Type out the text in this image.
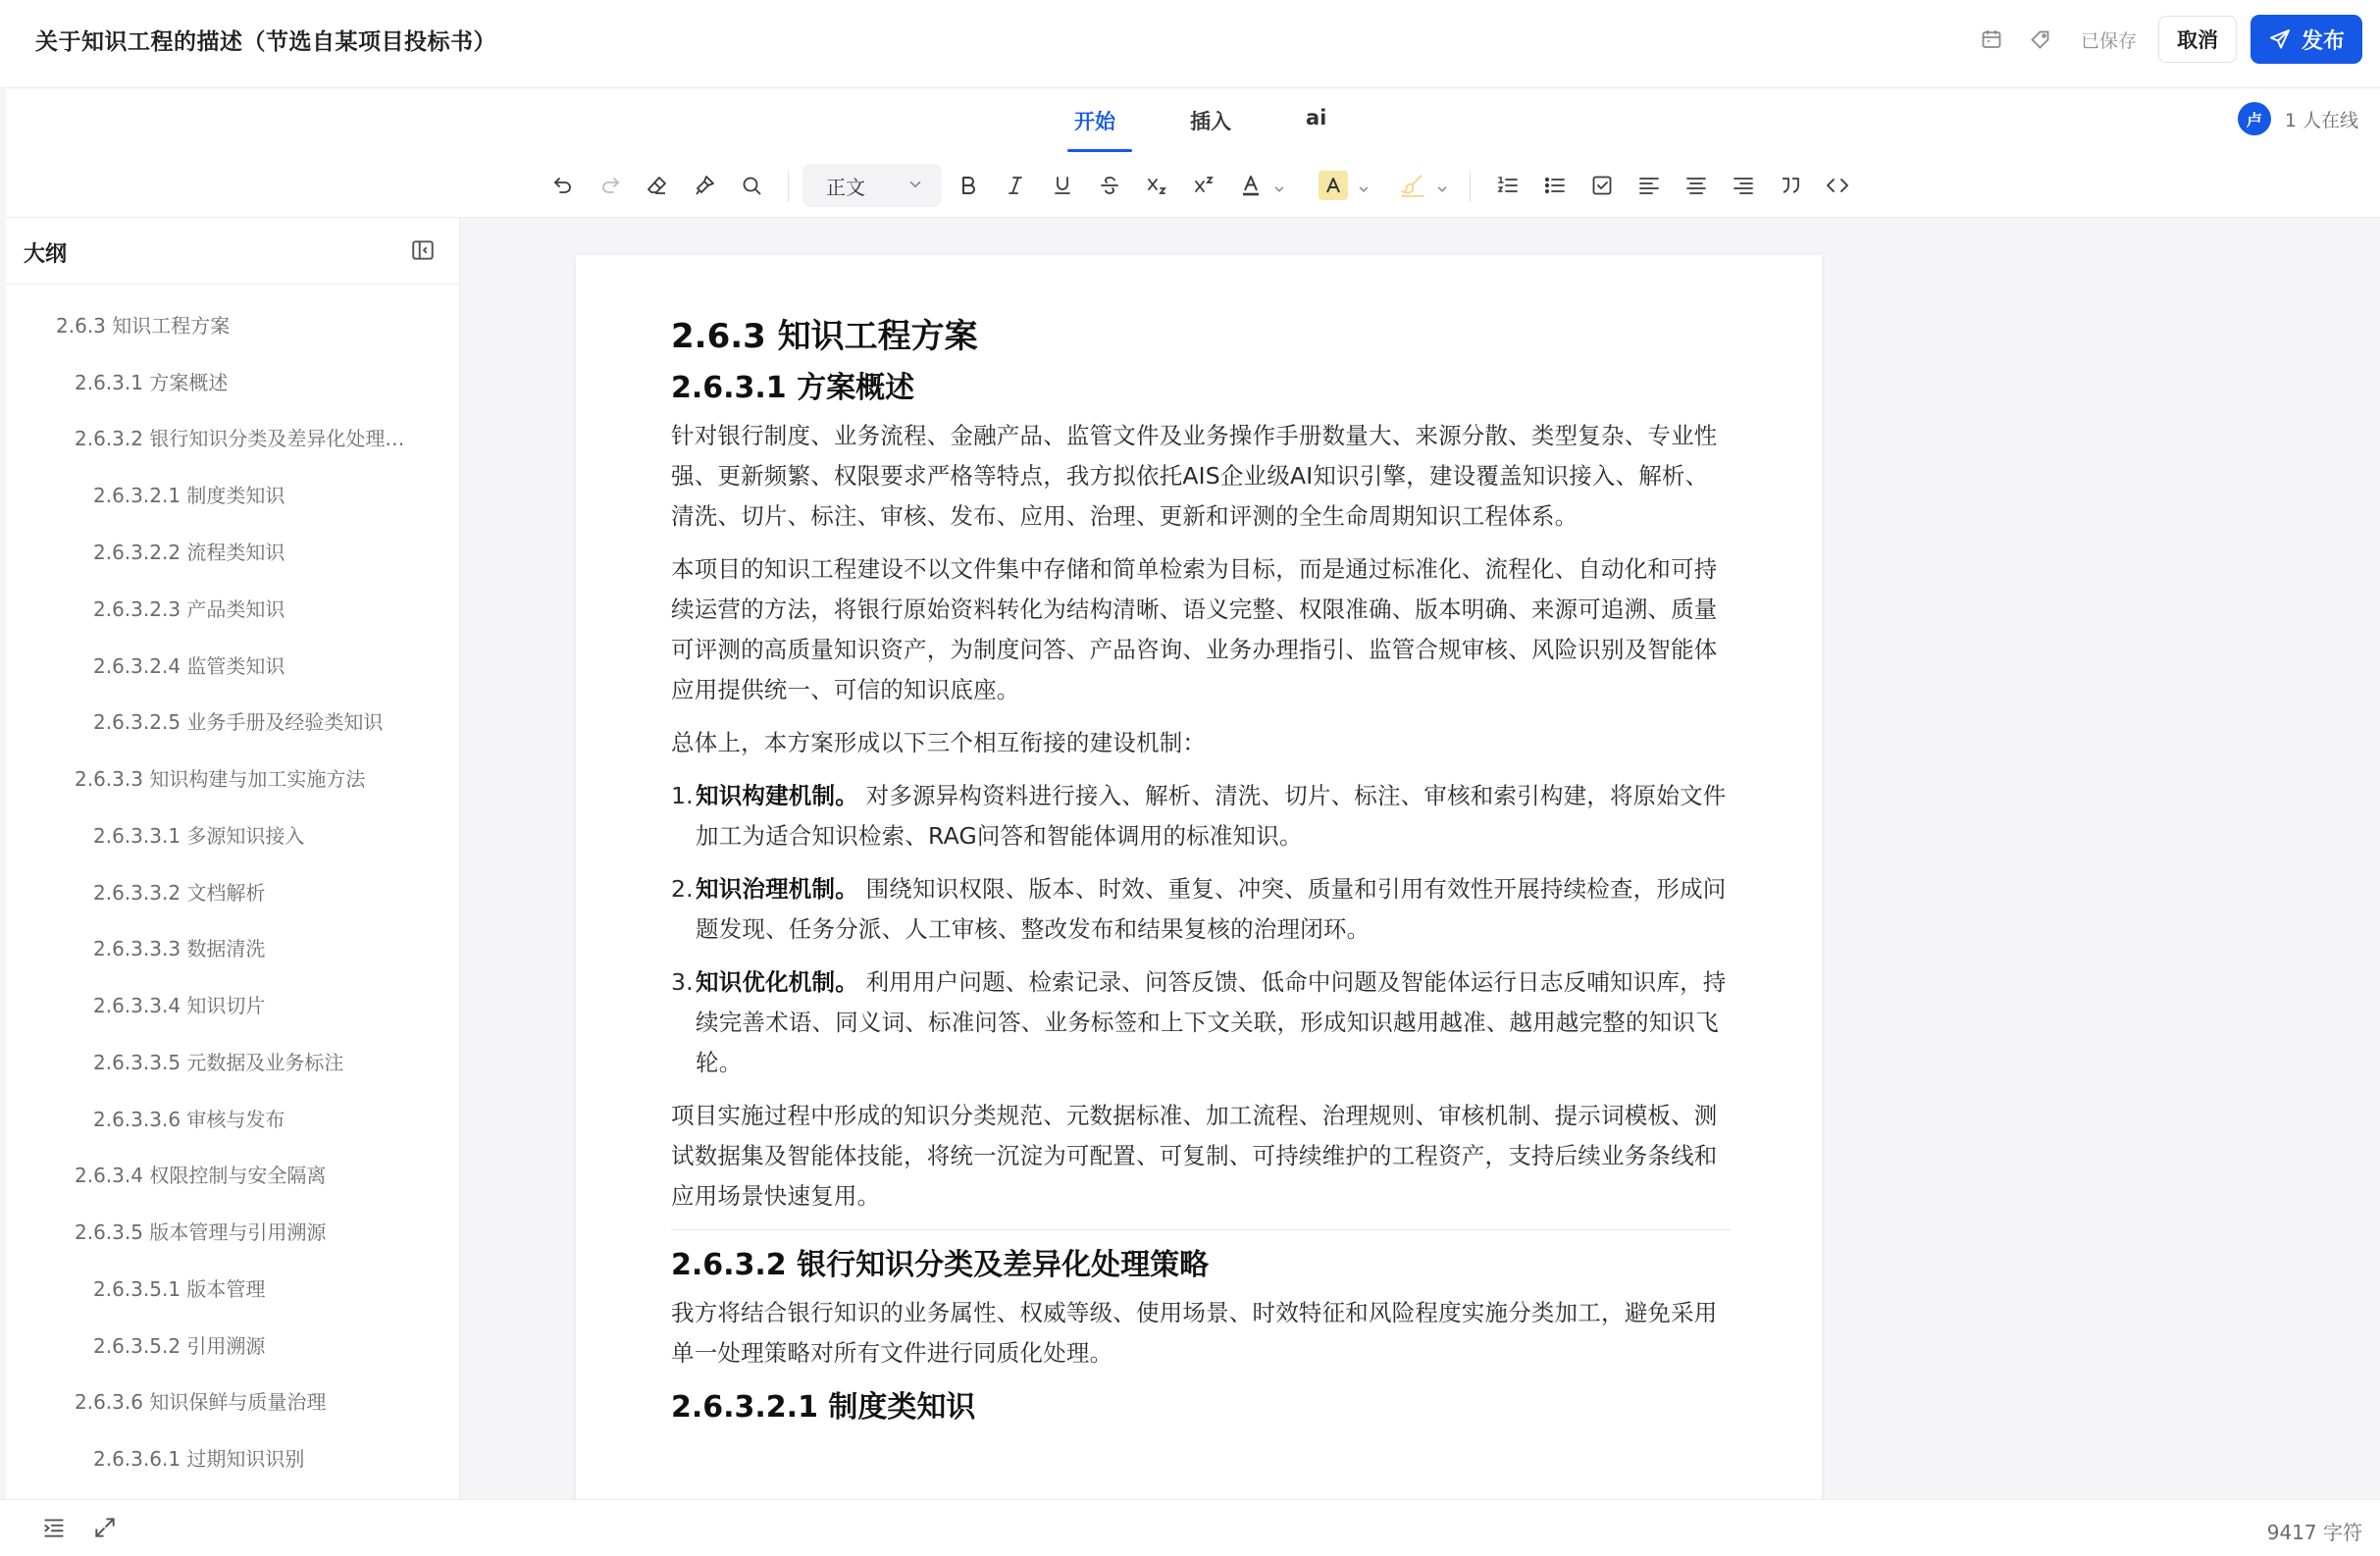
关于知识工程的描述（节选自某项目投标书）	已保存	取消	发布
开始	插入	ai	卢	1 人在线
正文
大纲
2.6.3 知识工程方案
2.6.3.1 方案概述
2.6.3.2 银行知识分类及差异化处理…
2.6.3.2.1 制度类知识
2.6.3.2.2 流程类知识
2.6.3.2.3 产品类知识
2.6.3.2.4 监管类知识
2.6.3.2.5 业务手册及经验类知识
2.6.3.3 知识构建与加工实施方法
2.6.3.3.1 多源知识接入
2.6.3.3.2 文档解析
2.6.3.3.3 数据清洗
2.6.3.3.4 知识切片
2.6.3.3.5 元数据及业务标注
2.6.3.3.6 审核与发布
2.6.3.4 权限控制与安全隔离
2.6.3.5 版本管理与引用溯源
2.6.3.5.1 版本管理
2.6.3.5.2 引用溯源
2.6.3.6 知识保鲜与质量治理
2.6.3.6.1 过期知识识别
2.6.3 知识工程方案
2.6.3.1 方案概述
针对银行制度、业务流程、金融产品、监管文件及业务操作手册数量大、来源分散、类型复杂、专业性强、更新频繁、权限要求严格等特点，我方拟依托AIS企业级AI知识引擎，建设覆盖知识接入、解析、清洗、切片、标注、审核、发布、应用、治理、更新和评测的全生命周期知识工程体系。
本项目的知识工程建设不以文件集中存储和简单检索为目标，而是通过标准化、流程化、自动化和可持续运营的方法，将银行原始资料转化为结构清晰、语义完整、权限准确、版本明确、来源可追溯、质量可评测的高质量知识资产，为制度问答、产品咨询、业务办理指引、监管合规审核、风险识别及智能体应用提供统一、可信的知识底座。
总体上，本方案形成以下三个相互衔接的建设机制：
1. 知识构建机制。 对多源异构资料进行接入、解析、清洗、切片、标注、审核和索引构建，将原始文件加工为适合知识检索、RAG问答和智能体调用的标准知识。
2. 知识治理机制。 围绕知识权限、版本、时效、重复、冲突、质量和引用有效性开展持续检查，形成问题发现、任务分派、人工审核、整改发布和结果复核的治理闭环。
3. 知识优化机制。 利用用户问题、检索记录、问答反馈、低命中问题及智能体运行日志反哺知识库，持续完善术语、同义词、标准问答、业务标签和上下文关联，形成知识越用越准、越用越完整的知识飞轮。
项目实施过程中形成的知识分类规范、元数据标准、加工流程、治理规则、审核机制、提示词模板、测试数据集及智能体技能，将统一沉淀为可配置、可复制、可持续维护的工程资产，支持后续业务条线和应用场景快速复用。
2.6.3.2 银行知识分类及差异化处理策略
我方将结合银行知识的业务属性、权威等级、使用场景、时效特征和风险程度实施分类加工，避免采用单一处理策略对所有文件进行同质化处理。
2.6.3.2.1 制度类知识
9417 字符
